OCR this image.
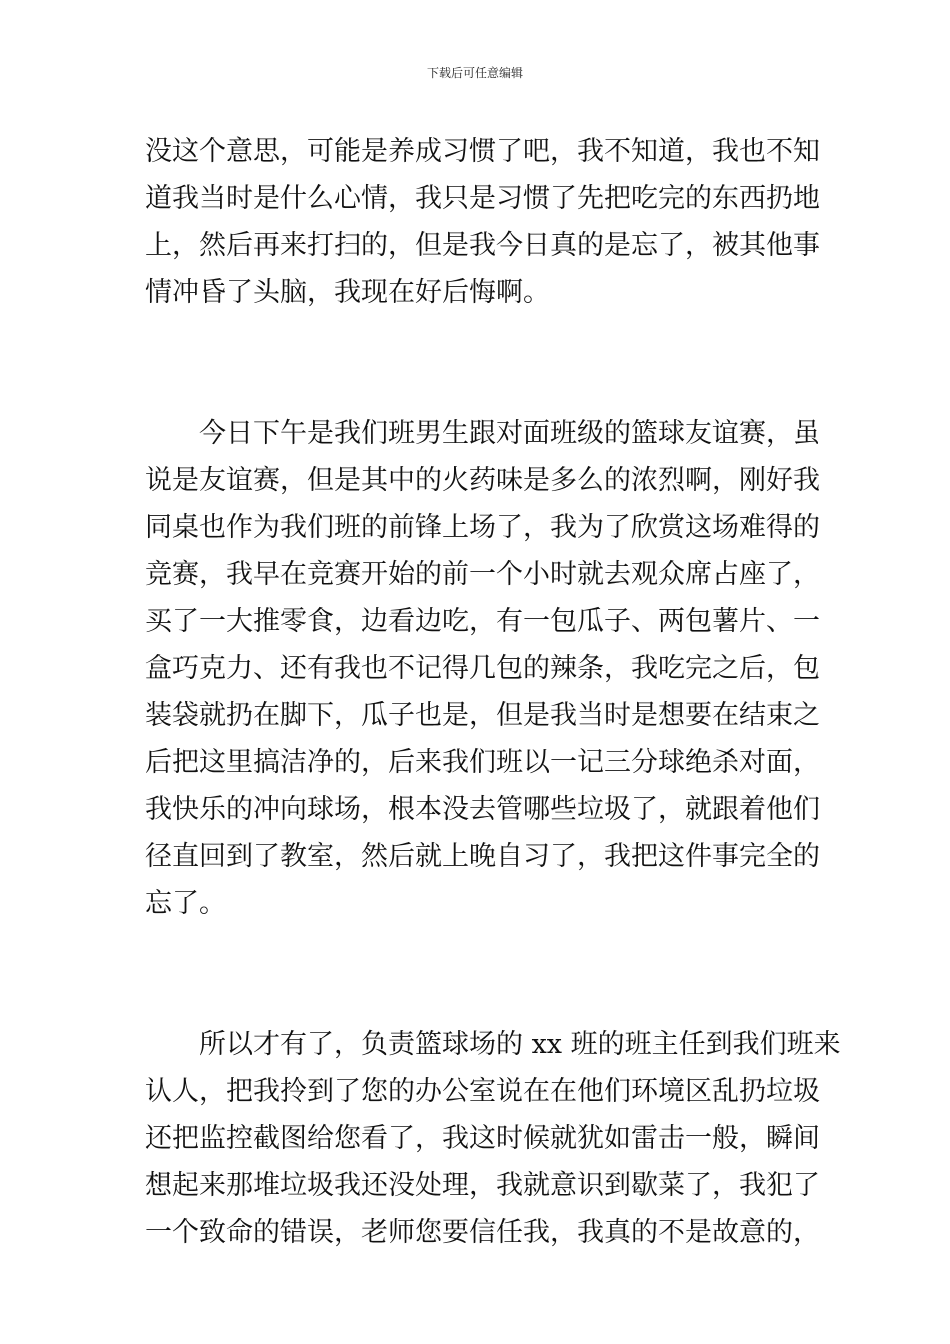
下载后可任意编辑
没这个意思，可能是养成习惯了吧，我不知道，我也不知
道我当时是什么心情，我只是习惯了先把吃完的东西扔地
上，然后再来打扫的，但是我今日真的是忘了，被其他事
情冲昏了头脑，我现在好后悔啊。
　　今日下午是我们班男生跟对面班级的篮球友谊赛，虽
说是友谊赛，但是其中的火药味是多么的浓烈啊，刚好我
同桌也作为我们班的前锋上场了，我为了欣赏这场难得的
竞赛，我早在竞赛开始的前一个小时就去观众席占座了，
买了一大推零食，边看边吃，有一包瓜子、两包薯片、一
盒巧克力、还有我也不记得几包的辣条，我吃完之后，包
装袋就扔在脚下，瓜子也是，但是我当时是想要在结束之
后把这里搞洁净的，后来我们班以一记三分球绝杀对面，
我快乐的冲向球场，根本没去管哪些垃圾了，就跟着他们
径直回到了教室，然后就上晚自习了，我把这件事完全的
忘了。
　　所以才有了，负责篮球场的 xx 班的班主任到我们班来
认人，把我拎到了您的办公室说在在他们环境区乱扔垃圾
还把监控截图给您看了，我这时候就犹如雷击一般，瞬间
想起来那堆垃圾我还没处理，我就意识到歇菜了，我犯了
一个致命的错误，老师您要信任我，我真的不是故意的，
